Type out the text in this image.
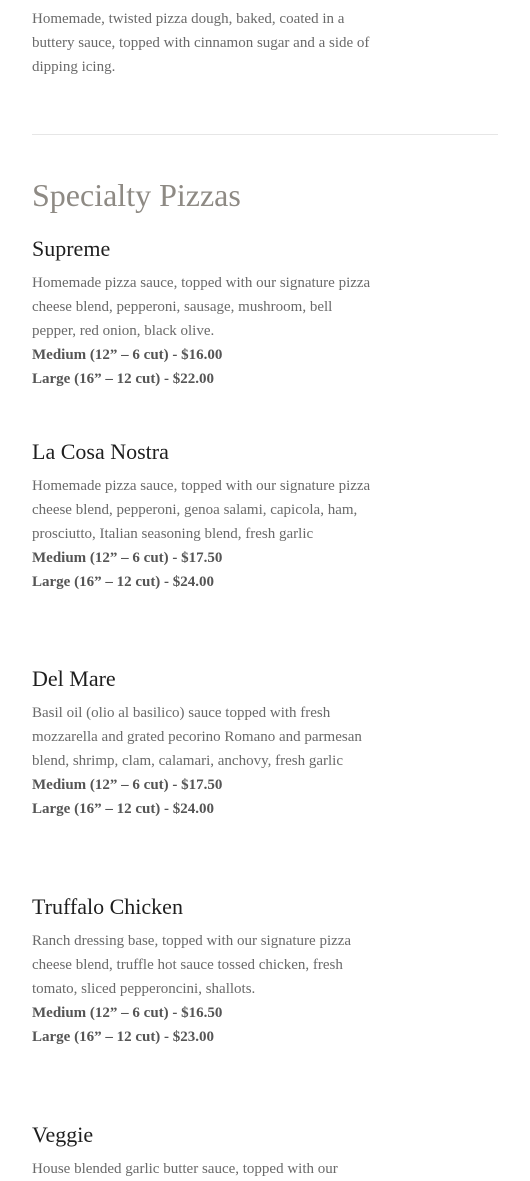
Homemade, twisted pizza dough, baked, coated in a buttery sauce, topped with cinnamon sugar and a side of dipping icing.

Specialty Pizzas
Supreme

Homemade pizza sauce, topped with our signature pizza cheese blend, pepperoni, sausage, mushroom, bell pepper, red onion, black olive.

Medium (12” – 6 cut) - $16.00

Large (16” – 12 cut) - $22.00

La Cosa Nostra

Homemade pizza sauce, topped with our signature pizza cheese blend, pepperoni, genoa salami, capicola, ham, prosciutto, Italian seasoning blend, fresh garlic

Medium (12” – 6 cut) - $17.50

Large (16” – 12 cut) - $24.00

Del Mare

Basil oil (olio al basilico) sauce topped with fresh mozzarella and grated pecorino Romano and parmesan blend, shrimp, clam, calamari, anchovy, fresh garlic

Medium (12” – 6 cut) - $17.50

Large (16” – 12 cut) - $24.00

Truffalo Chicken

Ranch dressing base, topped with our signature pizza cheese blend, truffle hot sauce tossed chicken, fresh tomato, sliced pepperoncini, shallots.

Medium (12” – 6 cut) - $16.50

Large (16” – 12 cut) - $23.00

Veggie

House blended garlic butter sauce, topped with our
